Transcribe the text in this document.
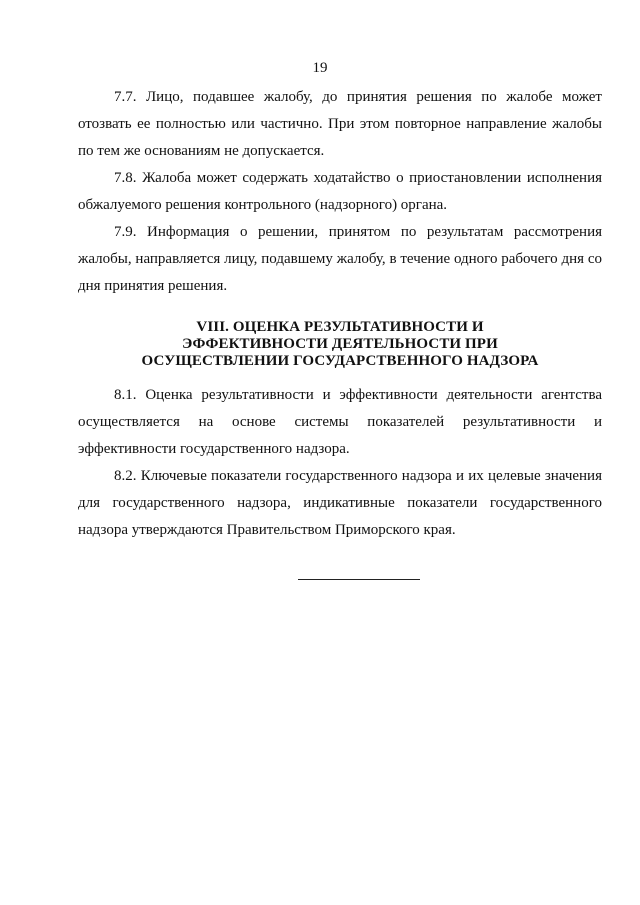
19

7.7. Лицо, подавшее жалобу, до принятия решения по жалобе может отозвать ее полностью или частично. При этом повторное направление жалобы по тем же основаниям не допускается.

7.8. Жалоба может содержать ходатайство о приостановлении исполнения обжалуемого решения контрольного (надзорного) органа.

7.9. Информация о решении, принятом по результатам рассмотрения жалобы, направляется лицу, подавшему жалобу, в течение одного рабочего дня со дня принятия решения.

VIII. ОЦЕНКА РЕЗУЛЬТАТИВНОСТИ И
ЭФФЕКТИВНОСТИ ДЕЯТЕЛЬНОСТИ ПРИ
ОСУЩЕСТВЛЕНИИ ГОСУДАРСТВЕННОГО НАДЗОРА

8.1. Оценка результативности и эффективности деятельности агентства осуществляется на основе системы показателей результативности и эффективности государственного надзора.

8.2. Ключевые показатели государственного надзора и их целевые значения для государственного надзора, индикативные показатели государственного надзора утверждаются Правительством Приморского края.
